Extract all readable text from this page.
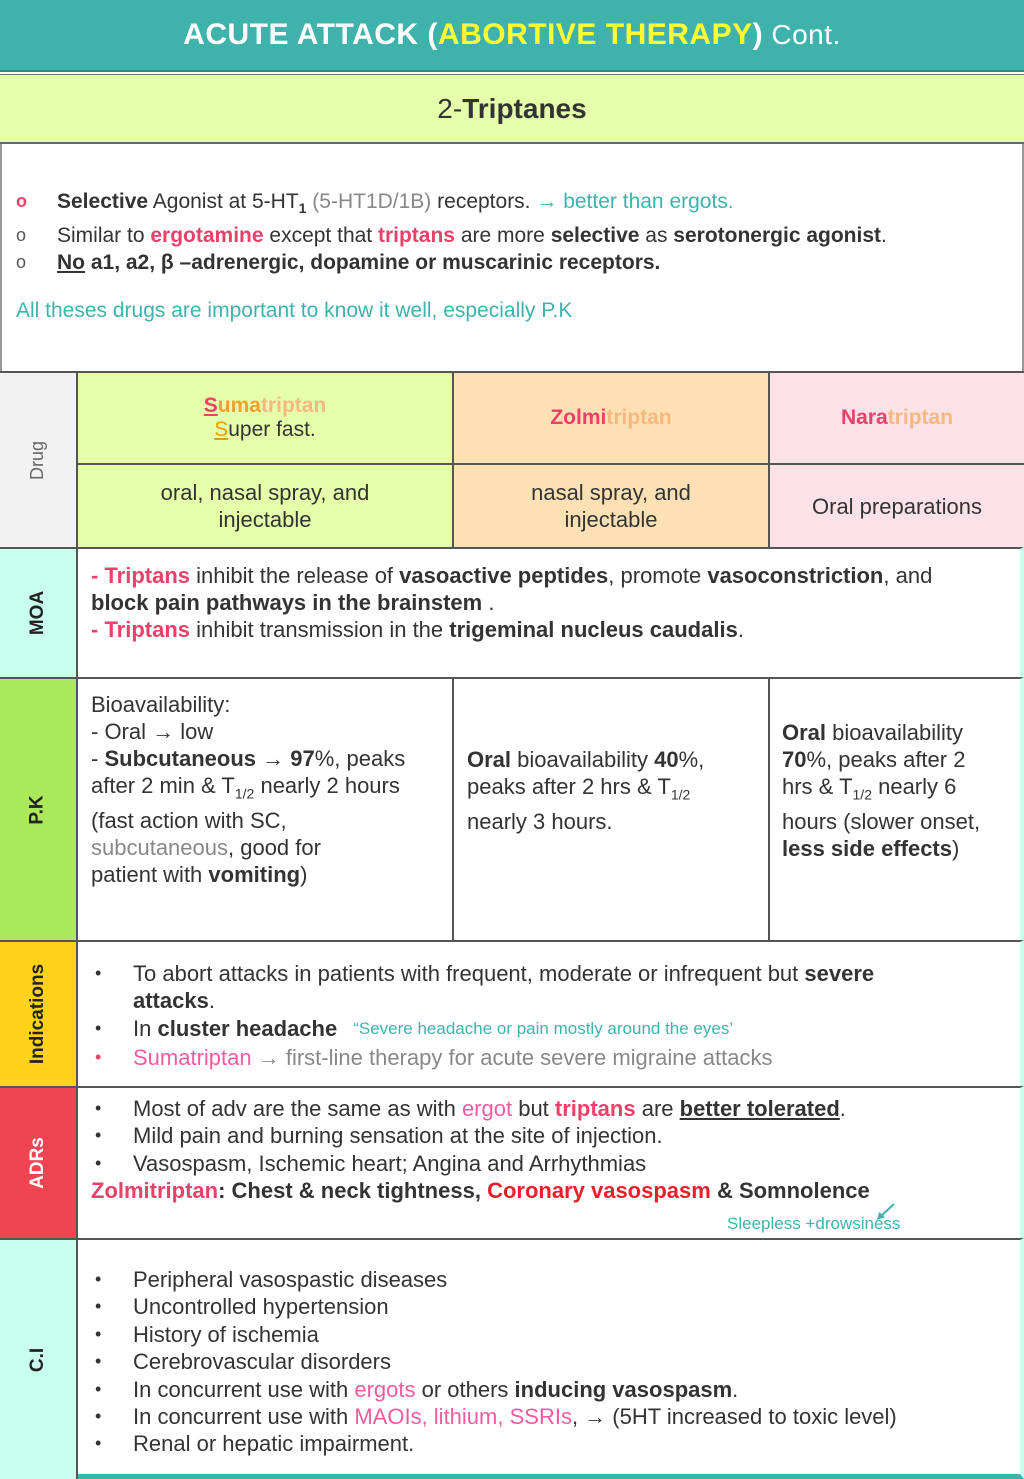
ACUTE ATTACK (ABORTIVE THERAPY) Cont.
2- Triptanes
o Selective Agonist at $5-HT_1$ (5-HT1D/1B) receptors. → better than ergots.
o Similar to ergotamine except that triptans are more selective as serotonergic agonist.
o No a1, a2, β –adrenergic, dopamine or muscarinic receptors.
All theses drugs are important to know it well, especially P.K
Drug
Sumatriptan
Super fast.
Zolmitriptan	Naratriptan
oral, nasal spray, and injectable
nasal spray, and injectable
Oral preparations
MOA
- Triptans inhibit the release of vasoactive peptides, promote vasoconstriction, and
block pain pathways in the brainstem .
- Triptans inhibit transmission in the trigeminal nucleus caudalis.
P.K
Bioavailability:
- Oral → low
- Subcutaneous → 97%, peaks
after 2 min & $T_{1/2}$ nearly 2 hours
(fast action with SC,
subcutaneous, good for
patient with vomiting)
Oral bioavailability 40%,
peaks after 2 hrs & $T_{1/2}$
nearly 3 hours.
Oral bioavailability
70%, peaks after 2
hrs & $T_{1/2}$ nearly 6
hours (slower onset,
less side effects)
Indications	• To abort attacks in patients with frequent, moderate or infrequent but severe
attacks.
• In cluster headache “Severe headache or pain mostly around the eyes’
• Sumatriptan → first-line therapy for acute severe migraine attacks
ADRs
• Most of adv are the same as with ergot but triptans are better tolerated.
• Mild pain and burning sensation at the site of injection.
• Vasospasm, Ischemic heart; Angina and Arrhythmias
Zolmitriptan: Chest & neck tightness, Coronary vasospasm & Somnolence
Sleepless +drowsiness
C.I
• Peripheral vasospastic diseases
• Uncontrolled hypertension
• History of ischemia
• Cerebrovascular disorders
• In concurrent use with ergots or others inducing vasospasm.
• In concurrent use with MAOIs, lithium, SSRIs, → (5HT increased to toxic level)
• Renal or hepatic impairment.
